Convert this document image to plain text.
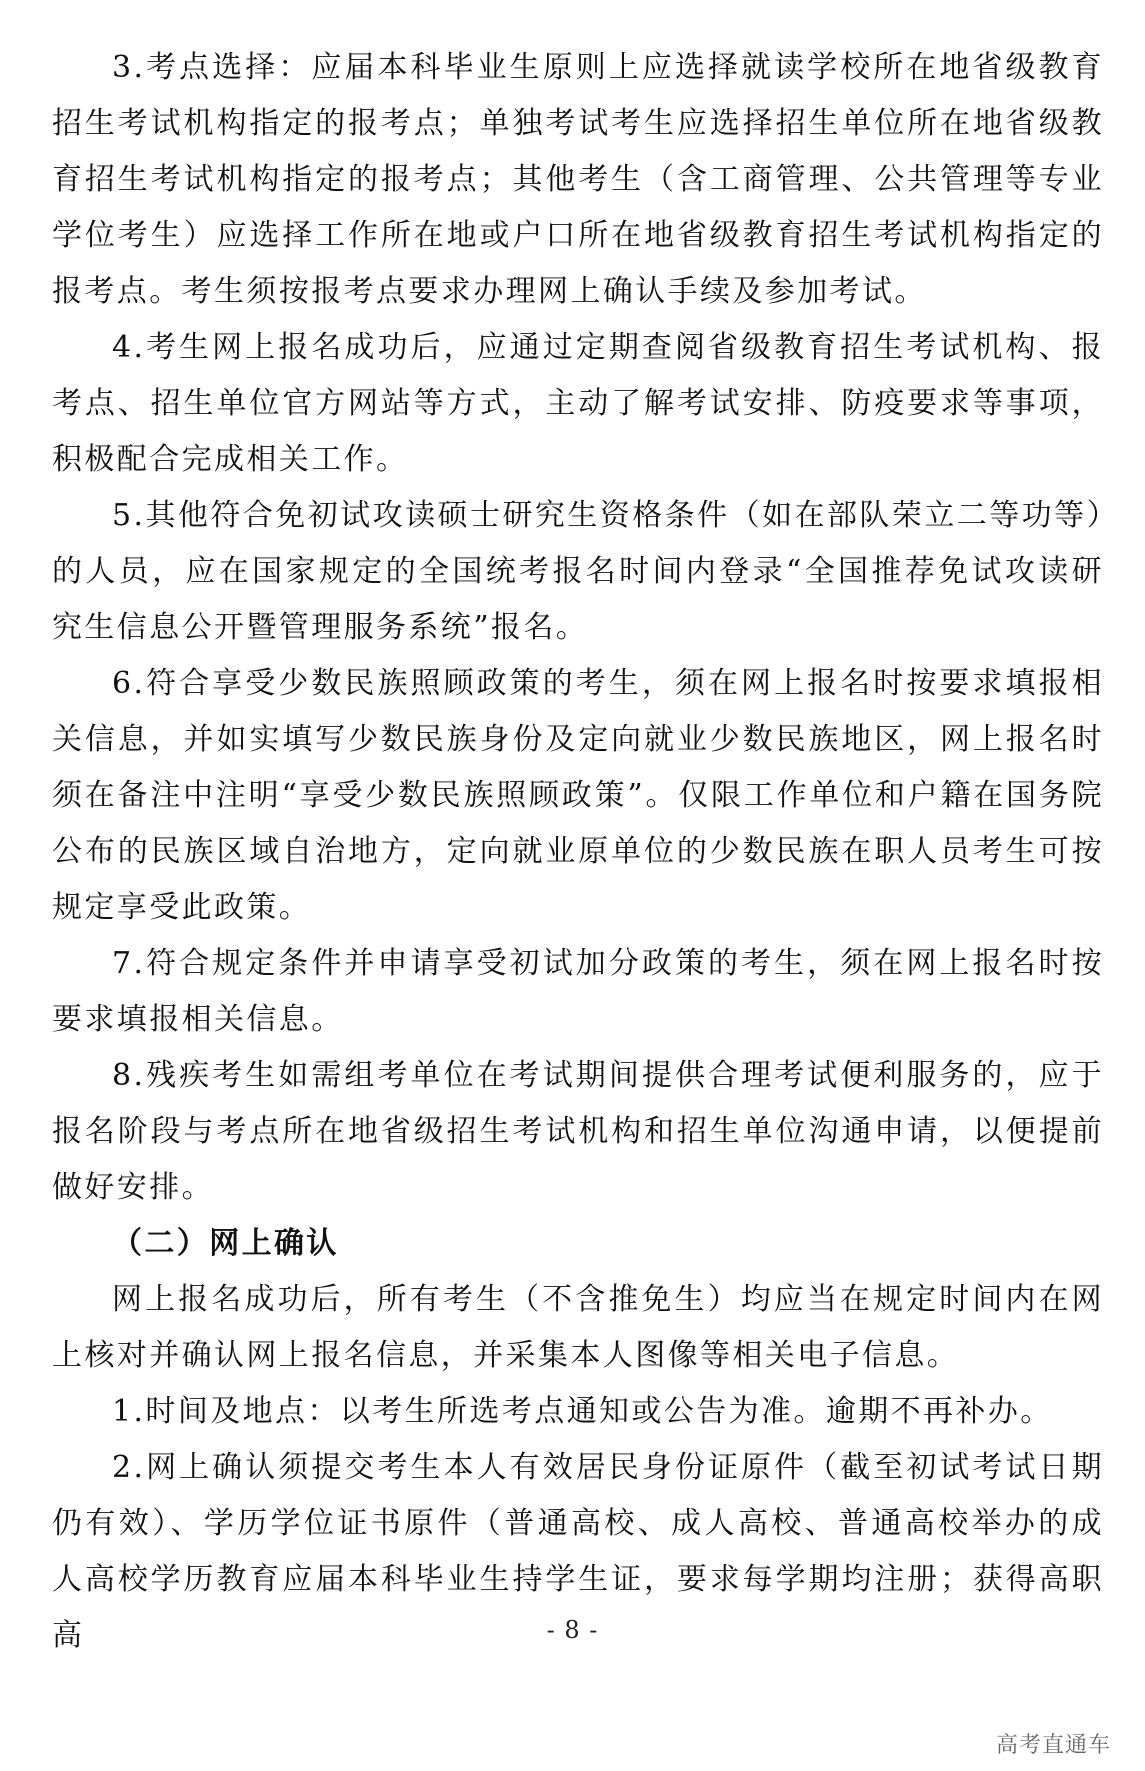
3.考点选择：应届本科毕业生原则上应选择就读学校所在地省级教育招生考试机构指定的报考点；单独考试考生应选择招生单位所在地省级教育招生考试机构指定的报考点；其他考生（含工商管理、公共管理等专业学位考生）应选择工作所在地或户口所在地省级教育招生考试机构指定的报考点。考生须按报考点要求办理网上确认手续及参加考试。

4.考生网上报名成功后，应通过定期查阅省级教育招生考试机构、报考点、招生单位官方网站等方式，主动了解考试安排、防疫要求等事项，积极配合完成相关工作。

5.其他符合免初试攻读硕士研究生资格条件（如在部队荣立二等功等）的人员，应在国家规定的全国统考报名时间内登录“全国推荐免试攻读研究生信息公开暨管理服务系统”报名。

6.符合享受少数民族照顾政策的考生，须在网上报名时按要求填报相关信息，并如实填写少数民族身份及定向就业少数民族地区，网上报名时须在备注中注明“享受少数民族照顾政策”。仅限工作单位和户籍在国务院公布的民族区域自治地方，定向就业原单位的少数民族在职人员考生可按规定享受此政策。

7.符合规定条件并申请享受初试加分政策的考生，须在网上报名时按要求填报相关信息。

8.残疾考生如需组考单位在考试期间提供合理考试便利服务的，应于报名阶段与考点所在地省级招生考试机构和招生单位沟通申请，以便提前做好安排。

（二）网上确认

网上报名成功后，所有考生（不含推免生）均应当在规定时间内在网上核对并确认网上报名信息，并采集本人图像等相关电子信息。

1.时间及地点：以考生所选考点通知或公告为准。逾期不再补办。

2.网上确认须提交考生本人有效居民身份证原件（截至初试考试日期仍有效）、学历学位证书原件（普通高校、成人高校、普通高校举办的成人高校学历教育应届本科毕业生持学生证，要求每学期均注册；获得高职高	- 8 -
高考直通车
